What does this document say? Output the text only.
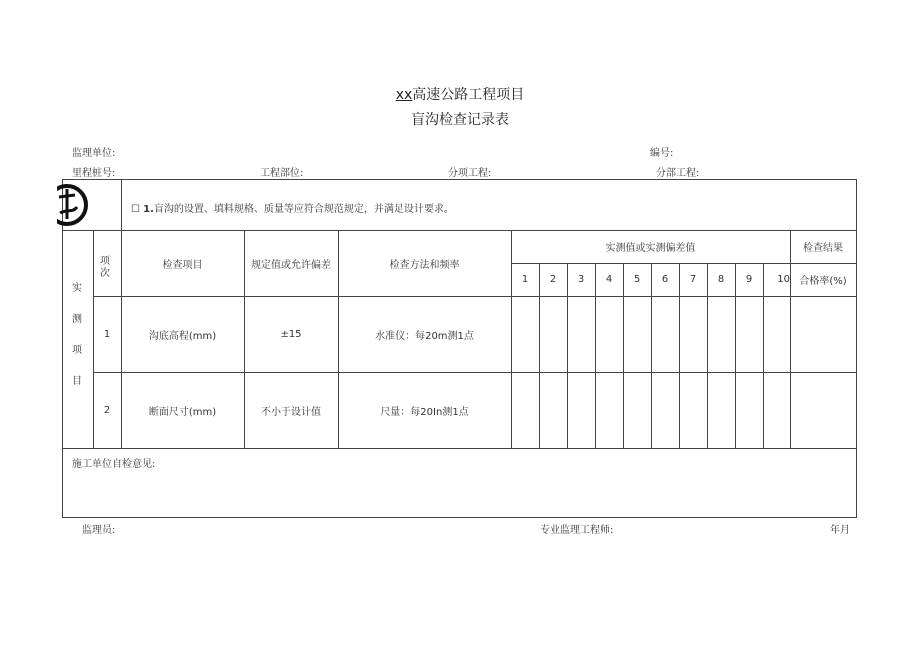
xx高速公路工程项目
盲沟检查记录表
监理单位:	编号:
里程桩号:	工程部位:	分项工程:	分部工程:
☐ 1.盲沟的设置、填料规格、质量等应符合规范规定，并满足设计要求。
实
测
项
目
项
次
检查项目	规定值或允许偏差	检查方法和频率
实测值或实测偏差值	检查结果
合格率(%)
1	2	3	4	5	6	7	8	9	10
1	沟底高程(mm)	±15	水准仪：每20m测1点
2	断面尺寸(mm)	不小于设计值	尺量：每20In测1点
施工单位自检意见:
监理员:	专业监理工程师:	年月
